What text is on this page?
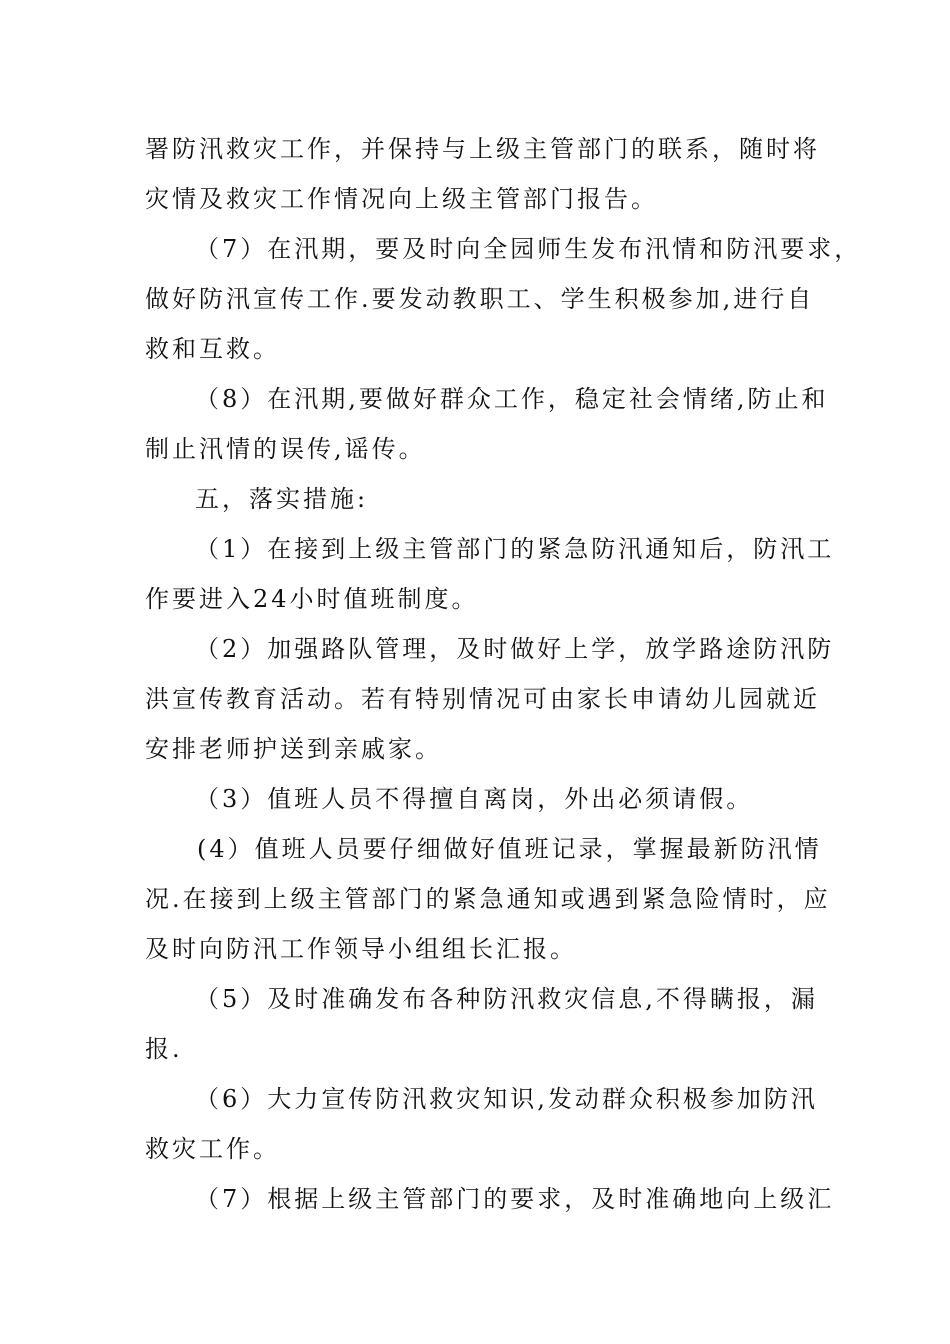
署防汛救灾工作，并保持与上级主管部门的联系，随时将
灾情及救灾工作情况向上级主管部门报告。
（7）在汛期，要及时向全园师生发布汛情和防汛要求，
做好防汛宣传工作.要发动教职工、学生积极参加,进行自
救和互救。
（8）在汛期,要做好群众工作，稳定社会情绪,防止和
制止汛情的误传,谣传。
五，落实措施:
（1）在接到上级主管部门的紧急防汛通知后，防汛工
作要进入24小时值班制度。
（2）加强路队管理，及时做好上学，放学路途防汛防
洪宣传教育活动。若有特别情况可由家长申请幼儿园就近
安排老师护送到亲戚家。
（3）值班人员不得擅自离岗，外出必须请假。
(4）值班人员要仔细做好值班记录，掌握最新防汛情
况.在接到上级主管部门的紧急通知或遇到紧急险情时，应
及时向防汛工作领导小组组长汇报。
（5）及时准确发布各种防汛救灾信息,不得瞒报，漏
报.
（6）大力宣传防汛救灾知识,发动群众积极参加防汛
救灾工作。
（7）根据上级主管部门的要求，及时准确地向上级汇
